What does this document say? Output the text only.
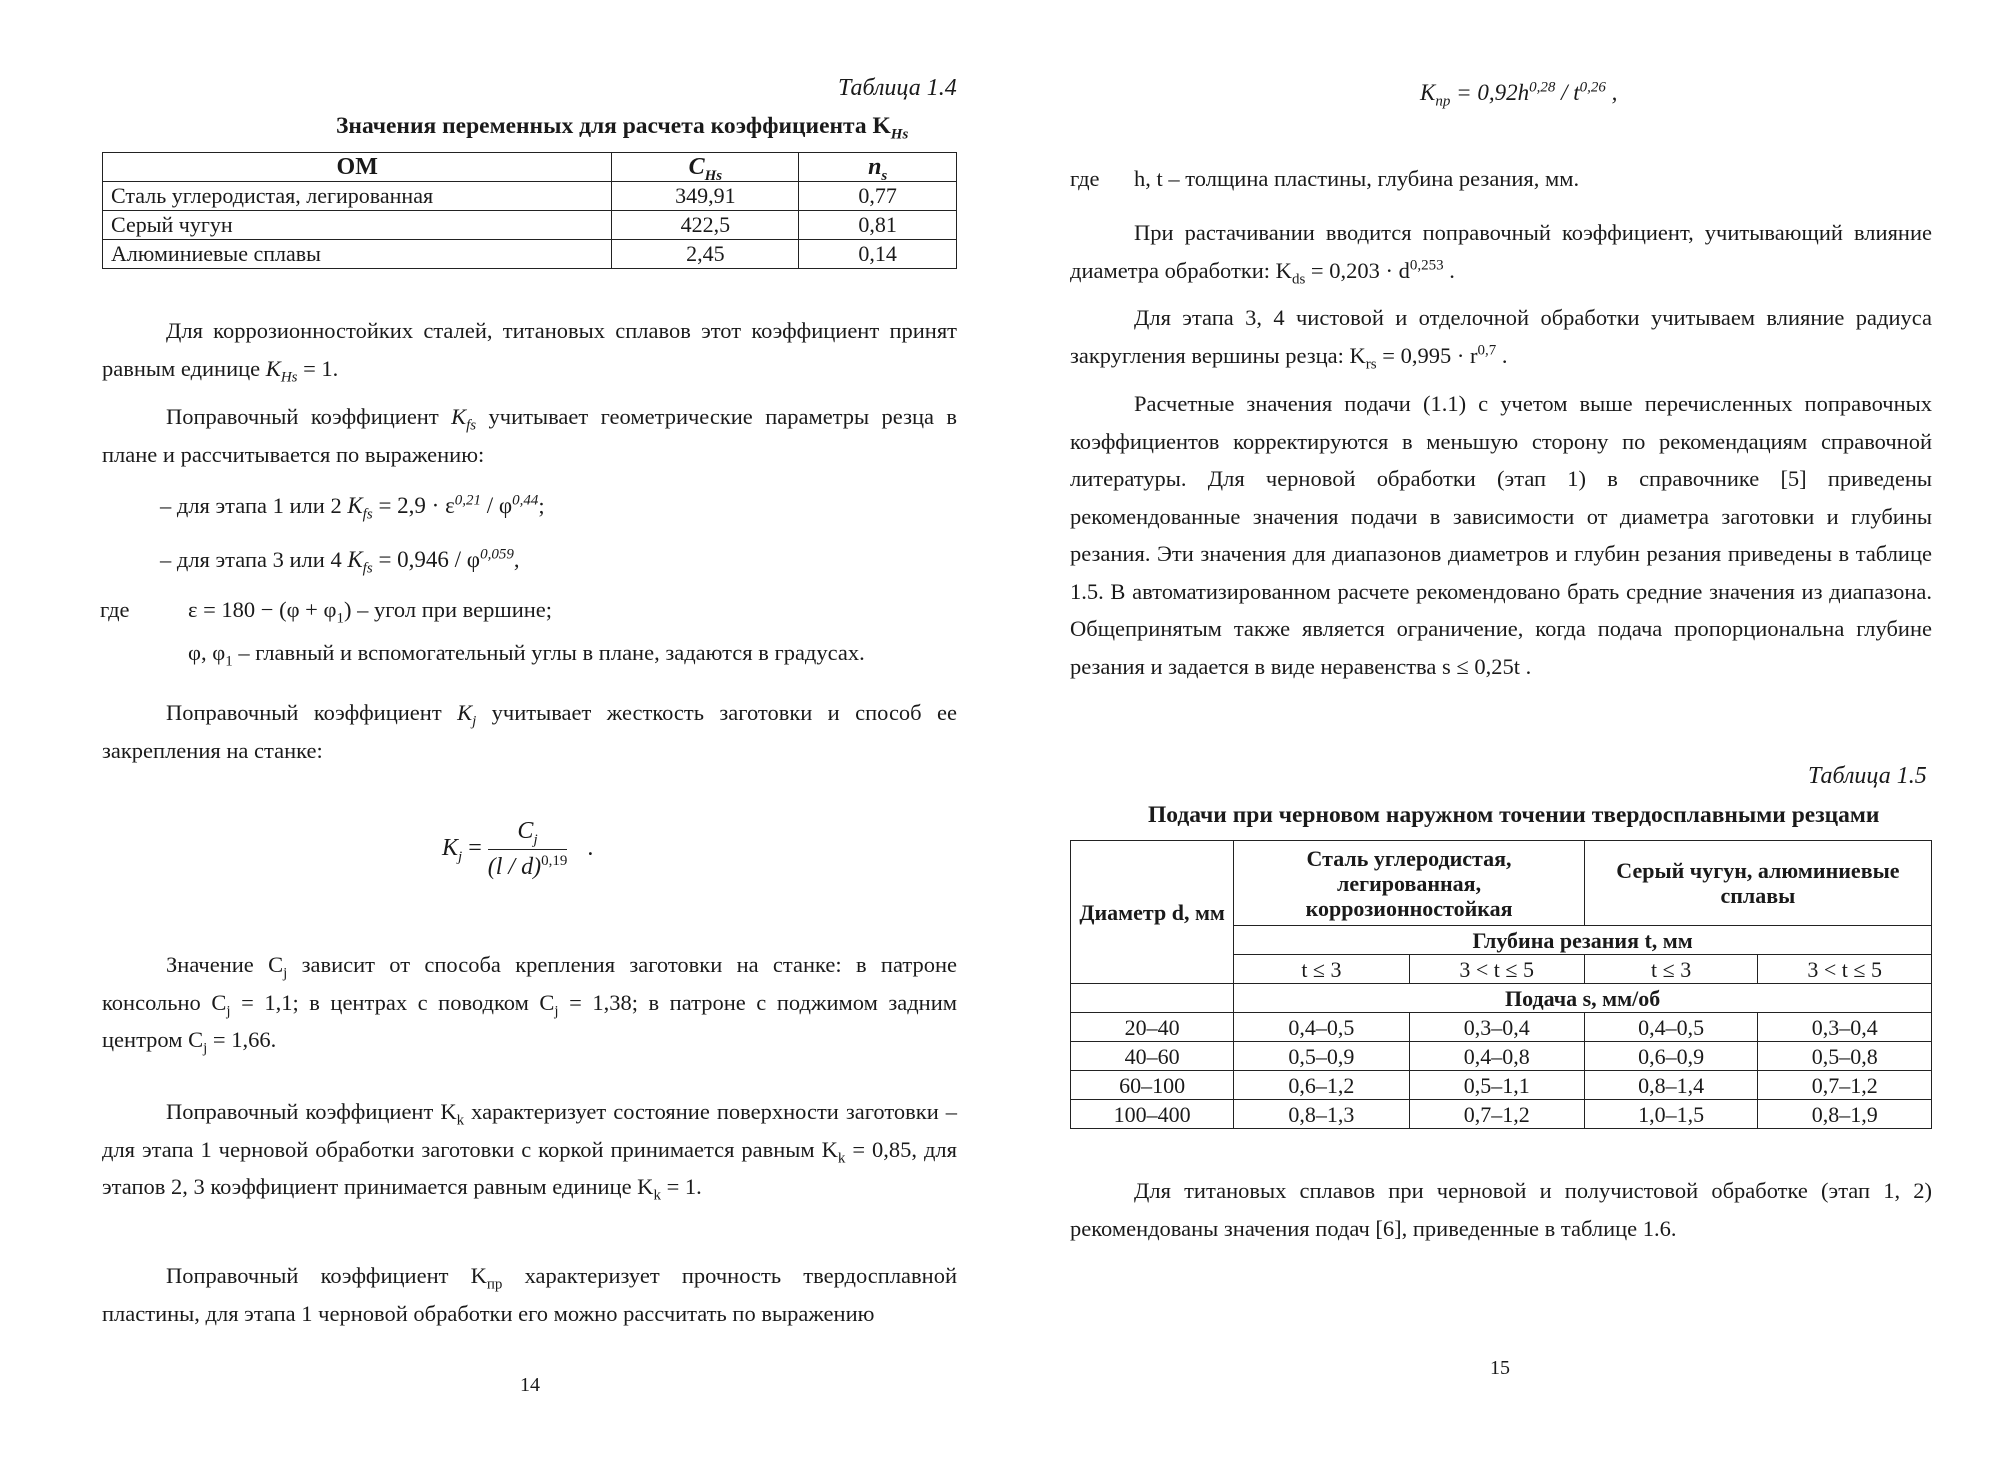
Таблица 1.4
Значения переменных для расчета коэффициента $K_{Hs}$
ОМ	$C_{Hs}$	$n_s$
Сталь углеродистая, легированная	349,91	0,77
Серый чугун	422,5	0,81
Алюминиевые сплавы	2,45	0,14
Для коррозионностойких сталей, титановых сплавов этот коэффициент принят равным единице $K_{Hs} = 1$.
Поправочный коэффициент $K_{fs}$ учитывает геометрические параметры резца в плане и рассчитывается по выражению:
– для этапа 1 или 2 $K_{fs} = 2,9 \cdot \varepsilon^{0,21} / \varphi^{0,44}$;
– для этапа 3 или 4 $K_{fs} = 0,946 / \varphi^{0,059}$,
где	$\varepsilon = 180 - (\varphi + \varphi_1)$ – угол при вершине;
φ, $\varphi_1$ – главный и вспомогательный углы в плане, задаются в градусах.
Поправочный коэффициент $K_j$ учитывает жесткость заготовки и способ ее закрепления на станке:
$K_j = \frac{C_j}{(l / d)^{0,19}}$ .
Значение $C_j$ зависит от способа крепления заготовки на станке: в патроне консольно $C_j = 1,1$; в центрах с поводком $C_j = 1,38$; в патроне с поджимом задним центром $C_j = 1,66$.
Поправочный коэффициент $K_k$ характеризует состояние поверхности заготовки – для этапа 1 черновой обработки заготовки с коркой принимается равным $K_k = 0,85$, для этапов 2, 3 коэффициент принимается равным единице $K_k = 1$.
Поправочный коэффициент $K_{пр}$ характеризует прочность твердосплавной пластины, для этапа 1 черновой обработки его можно рассчитать по выражению
14
$K_{пр} = 0,92h^{0,28} / t^{0,26}$ ,
где h, t – толщина пластины, глубина резания, мм.
При растачивании вводится поправочный коэффициент, учитывающий влияние диаметра обработки: $K_{ds} = 0,203 \cdot d^{0,253}$ .
Для этапа 3, 4 чистовой и отделочной обработки учитываем влияние радиуса закругления вершины резца: $K_{rs} = 0,995 \cdot r^{0,7}$ .
Расчетные значения подачи (1.1) с учетом выше перечисленных поправочных коэффициентов корректируются в меньшую сторону по рекомендациям справочной литературы. Для черновой обработки (этап 1) в справочнике [5] приведены рекомендованные значения подачи в зависимости от диаметра заготовки и глубины резания. Эти значения для диапазонов диаметров и глубин резания приведены в таблице 1.5. В автоматизированном расчете рекомендовано брать средние значения из диапазона. Общепринятым также является ограничение, когда подача пропорциональна глубине резания и задается в виде неравенства s ≤ 0,25t .
Таблица 1.5
Подачи при черновом наружном точении твердосплавными резцами
Диаметр d, мм	Сталь углеродистая, легированная, коррозионностойкая		Серый чугун, алюминиевые сплавы	
	Глубина резания t, мм			
	t ≤ 3	3 < t ≤ 5	t ≤ 3	3 < t ≤ 5
	Подача s, мм/об			
20–40	0,4–0,5	0,3–0,4	0,4–0,5	0,3–0,4
40–60	0,5–0,9	0,4–0,8	0,6–0,9	0,5–0,8
60–100	0,6–1,2	0,5–1,1	0,8–1,4	0,7–1,2
100–400	0,8–1,3	0,7–1,2	1,0–1,5	0,8–1,9
Для титановых сплавов при черновой и получистовой обработке (этап 1, 2) рекомендованы значения подач [6], приведенные в таблице 1.6.
15
